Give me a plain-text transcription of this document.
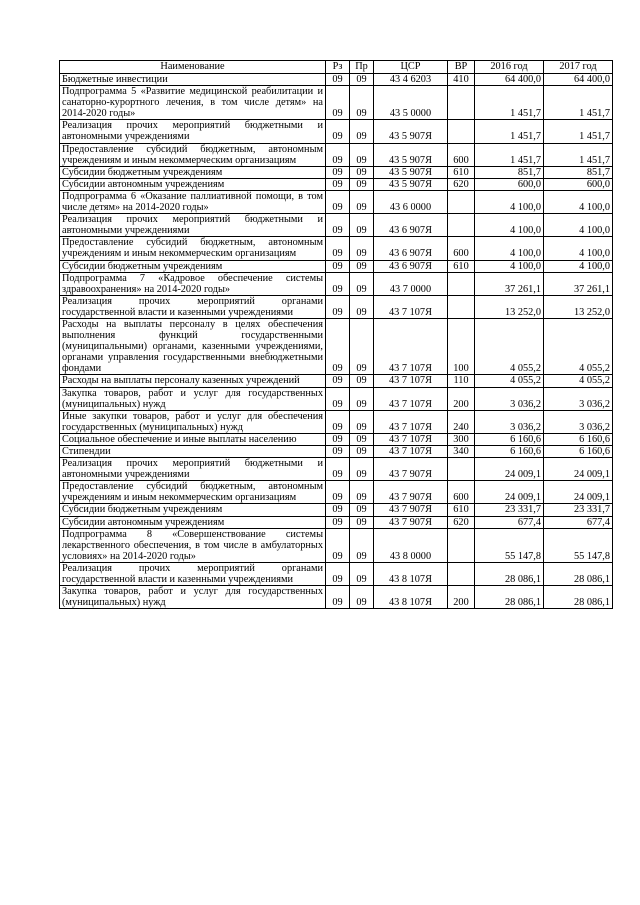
Наименование	Рз	Пр	ЦСР	ВР	2016 год	2017 год
Бюджетные инвестиции	09	09	43 4 6203	410	64 400,0	64 400,0
Подпрограмма 5 «Развитие медицинской реабилитации и санаторно-курортного лечения, в том числе детям» на 2014-2020 годы»	09	09	43 5 0000		1 451,7	1 451,7
Реализация прочих мероприятий бюджетными и автономными учреждениями	09	09	43 5 907Я		1 451,7	1 451,7
Предоставление субсидий бюджетным, автономным учреждениям и иным некоммерческим организациям	09	09	43 5 907Я	600	1 451,7	1 451,7
Субсидии бюджетным учреждениям	09	09	43 5 907Я	610	851,7	851,7
Субсидии автономным учреждениям	09	09	43 5 907Я	620	600,0	600,0
Подпрограмма 6 «Оказание паллиативной помощи, в том числе детям» на 2014-2020 годы»	09	09	43 6 0000		4 100,0	4 100,0
Реализация прочих мероприятий бюджетными и автономными учреждениями	09	09	43 6 907Я		4 100,0	4 100,0
Предоставление субсидий бюджетным, автономным учреждениям и иным некоммерческим организациям	09	09	43 6 907Я	600	4 100,0	4 100,0
Субсидии бюджетным учреждениям	09	09	43 6 907Я	610	4 100,0	4 100,0
Подпрограмма 7 «Кадровое обеспечение системы здравоохранения» на 2014-2020 годы»	09	09	43 7 0000		37 261,1	37 261,1
Реализация прочих мероприятий органами государственной власти и казенными учреждениями	09	09	43 7 107Я		13 252,0	13 252,0
Расходы на выплаты персоналу в целях обеспечения выполнения функций государственными (муниципальными) органами, казенными учреждениями, органами управления государственными внебюджетными фондами	09	09	43 7 107Я	100	4 055,2	4 055,2
Расходы на выплаты персоналу казенных учреждений	09	09	43 7 107Я	110	4 055,2	4 055,2
Закупка товаров, работ и услуг для государственных (муниципальных) нужд	09	09	43 7 107Я	200	3 036,2	3 036,2
Иные закупки товаров, работ и услуг для обеспечения государственных (муниципальных) нужд	09	09	43 7 107Я	240	3 036,2	3 036,2
Социальное обеспечение и иные выплаты населению	09	09	43 7 107Я	300	6 160,6	6 160,6
Стипендии	09	09	43 7 107Я	340	6 160,6	6 160,6
Реализация прочих мероприятий бюджетными и автономными учреждениями	09	09	43 7 907Я		24 009,1	24 009,1
Предоставление субсидий бюджетным, автономным учреждениям и иным некоммерческим организациям	09	09	43 7 907Я	600	24 009,1	24 009,1
Субсидии бюджетным учреждениям	09	09	43 7 907Я	610	23 331,7	23 331,7
Субсидии автономным учреждениям	09	09	43 7 907Я	620	677,4	677,4
Подпрограмма 8 «Совершенствование системы лекарственного обеспечения, в том числе в амбулаторных условиях» на 2014-2020 годы»	09	09	43 8 0000		55 147,8	55 147,8
Реализация прочих мероприятий органами государственной власти и казенными учреждениями	09	09	43 8 107Я		28 086,1	28 086,1
Закупка товаров, работ и услуг для государственных (муниципальных) нужд	09	09	43 8 107Я	200	28 086,1	28 086,1
